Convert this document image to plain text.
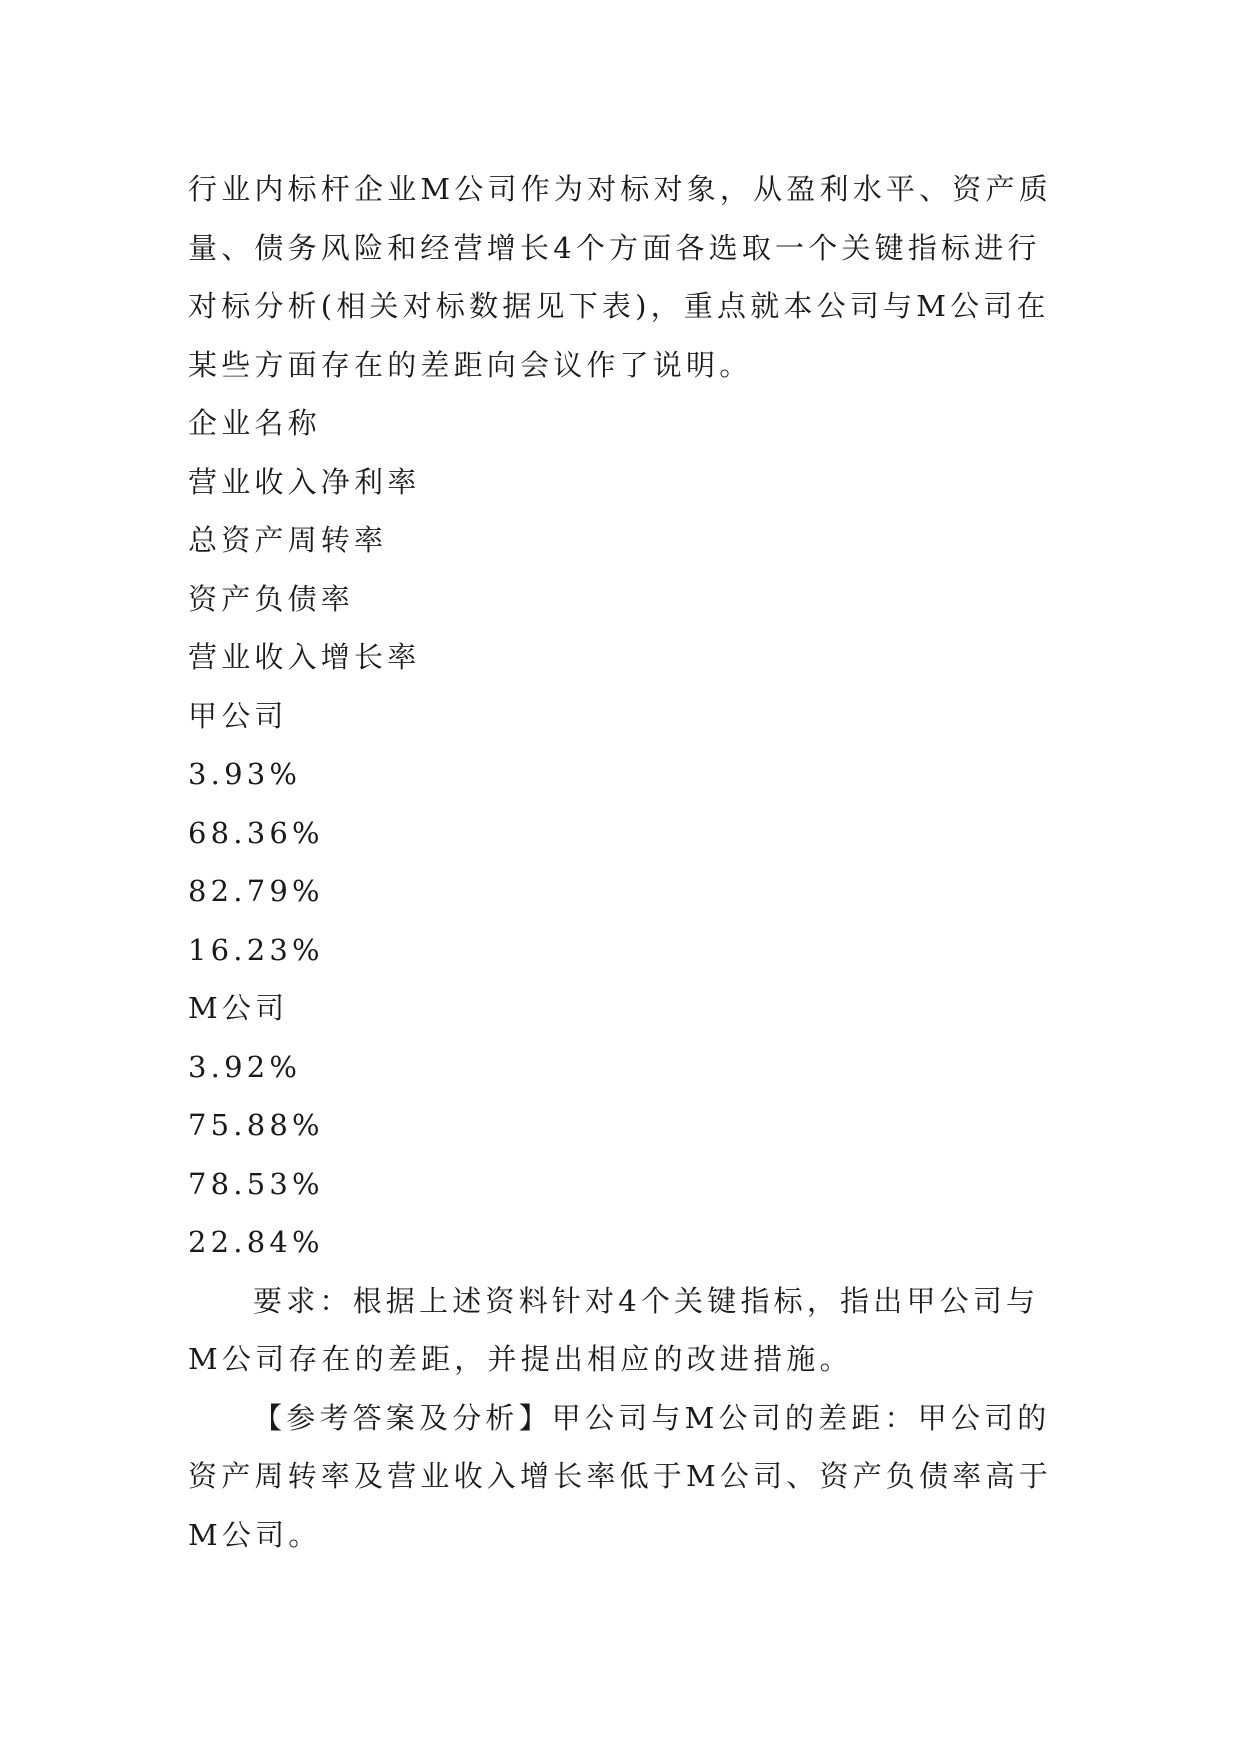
行业内标杆企业M公司作为对标对象，从盈利水平、资产质

量、债务风险和经营增长4个方面各选取一个关键指标进行

对标分析(相关对标数据见下表)，重点就本公司与M公司在

某些方面存在的差距向会议作了说明。

企业名称

营业收入净利率

总资产周转率

资产负债率

营业收入增长率

甲公司

3.93%

68.36%

82.79%

16.23%

M公司

3.92%

75.88%

78.53%

22.84%

要求：根据上述资料针对4个关键指标，指出甲公司与

M公司存在的差距，并提出相应的改进措施。

【参考答案及分析】甲公司与M公司的差距：甲公司的

资产周转率及营业收入增长率低于M公司、资产负债率高于

M公司。
